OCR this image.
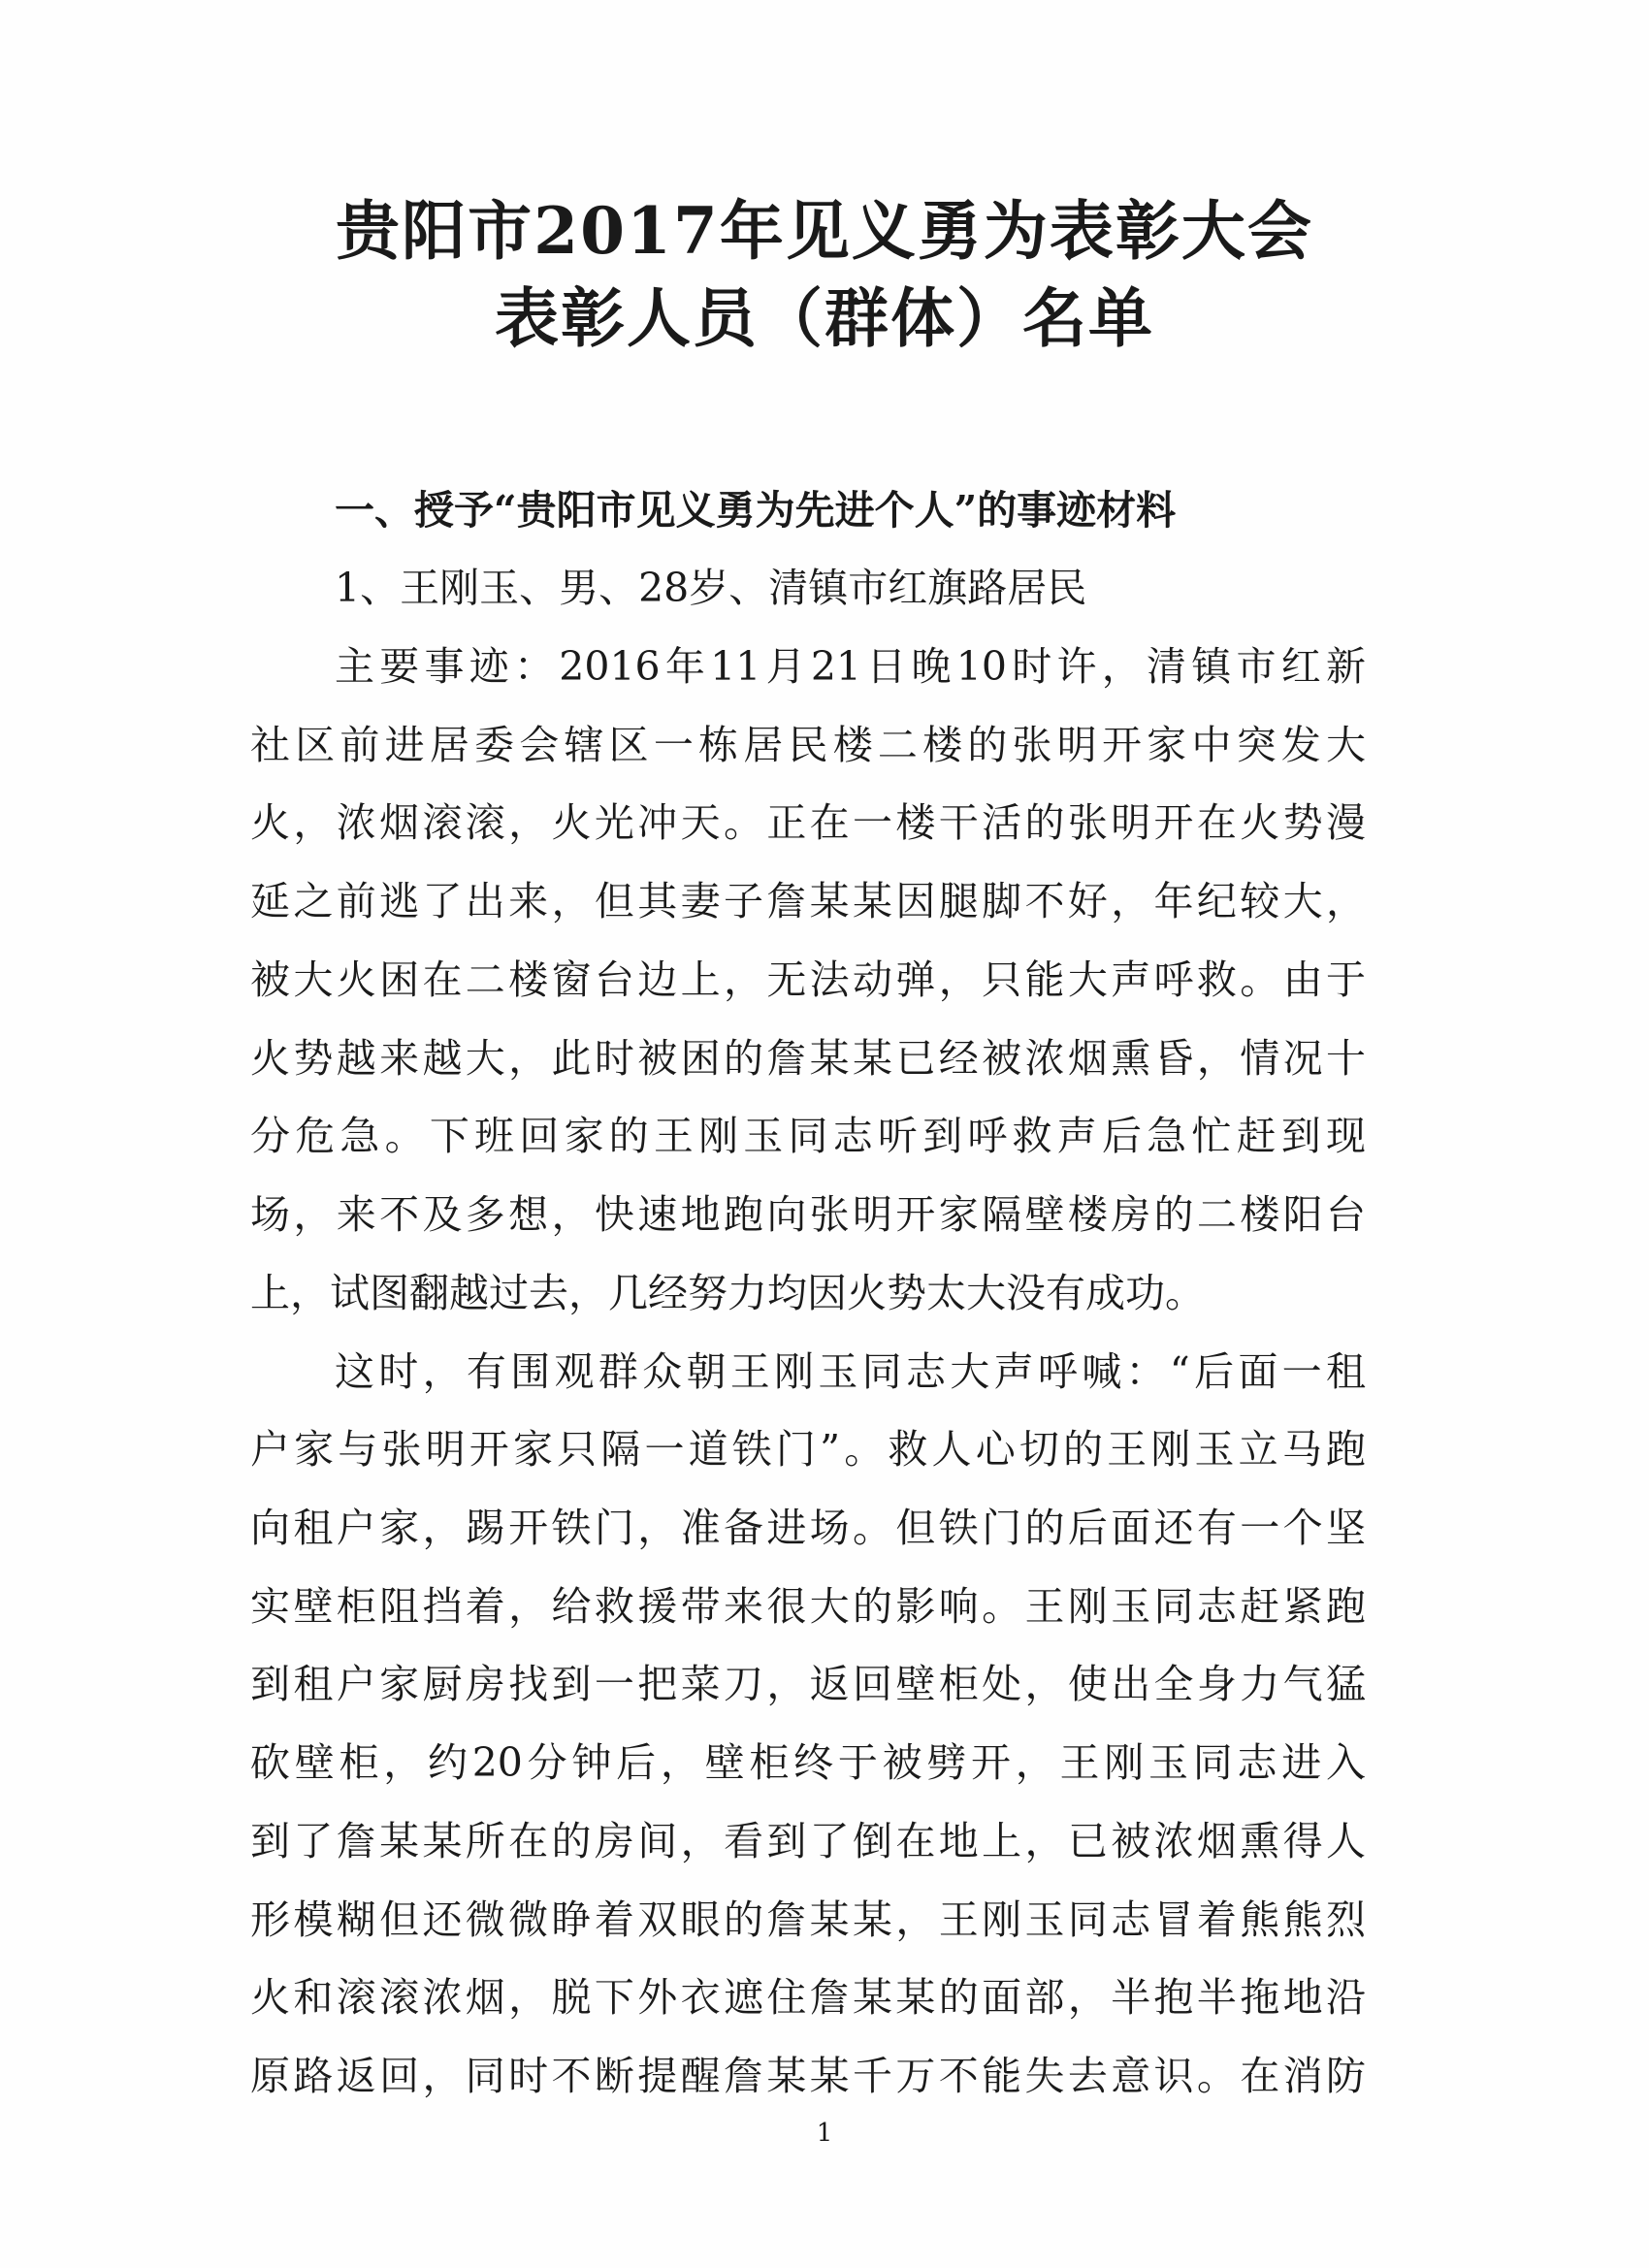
贵阳市2017年见义勇为表彰大会
表彰人员（群体）名单
一、授予“贵阳市见义勇为先进个人”的事迹材料
1、王刚玉、男、28岁、清镇市红旗路居民
主要事迹：2016年11月21日晚10时许，清镇市红新
社区前进居委会辖区一栋居民楼二楼的张明开家中突发大
火，浓烟滚滚，火光冲天。正在一楼干活的张明开在火势漫
延之前逃了出来，但其妻子詹某某因腿脚不好，年纪较大，
被大火困在二楼窗台边上，无法动弹，只能大声呼救。由于
火势越来越大，此时被困的詹某某已经被浓烟熏昏，情况十
分危急。下班回家的王刚玉同志听到呼救声后急忙赶到现
场，来不及多想，快速地跑向张明开家隔壁楼房的二楼阳台
上，试图翻越过去，几经努力均因火势太大没有成功。
这时，有围观群众朝王刚玉同志大声呼喊：“后面一租
户家与张明开家只隔一道铁门”。救人心切的王刚玉立马跑
向租户家，踢开铁门，准备进场。但铁门的后面还有一个坚
实壁柜阻挡着，给救援带来很大的影响。王刚玉同志赶紧跑
到租户家厨房找到一把菜刀，返回壁柜处，使出全身力气猛
砍壁柜，约20分钟后，壁柜终于被劈开，王刚玉同志进入
到了詹某某所在的房间，看到了倒在地上，已被浓烟熏得人
形模糊但还微微睁着双眼的詹某某，王刚玉同志冒着熊熊烈
1
火和滚滚浓烟，脱下外衣遮住詹某某的面部，半抱半拖地沿
原路返回，同时不断提醒詹某某千万不能失去意识。在消防
